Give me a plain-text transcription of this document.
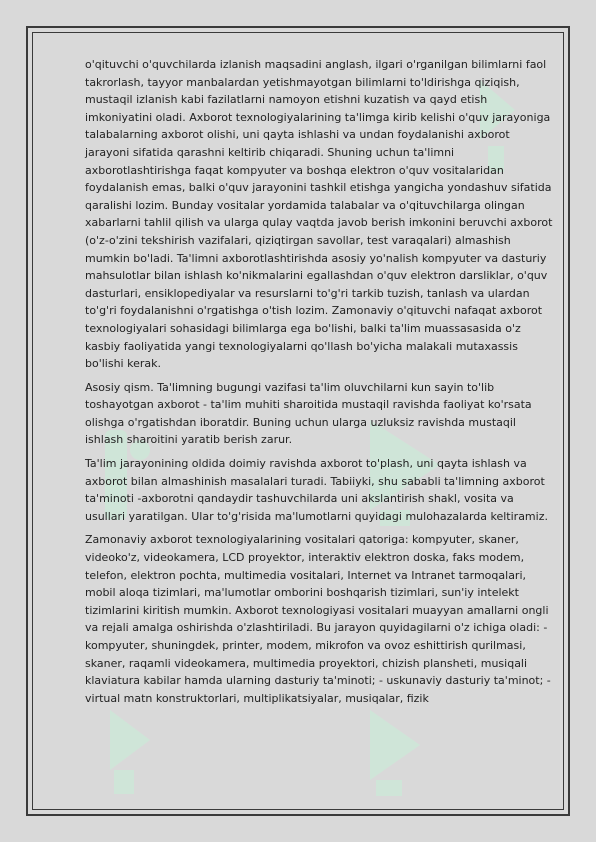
o'qituvchi o'quvchilarda izlanish maqsadini anglash, ilgari o'rganilgan bilimlarni faol takrorlash, tayyor manbalardan yetishmayotgan bilimlarni to'ldirishga qiziqish, mustaqil izlanish kabi fazilatlarni namoyon etishni kuzatish va qayd etish imkoniyatini oladi. Axborot texnologiyalarining ta'limga kirib kelishi o'quv jarayoniga talabalarning axborot olishi, uni qayta ishlashi va undan foydalanishi axborot jarayoni sifatida qarashni keltirib chiqaradi. Shuning uchun ta'limni axborotlashtirishga faqat kompyuter va boshqa elektron o'quv vositalaridan foydalanish emas, balki o'quv jarayonini tashkil etishga yangicha yondashuv sifatida qaralishi lozim. Bunday vositalar yordamida talabalar va o'qituvchilarga olingan xabarlarni tahlil qilish va ularga qulay vaqtda javob berish imkonini beruvchi axborot (o'z-o'zini tekshirish vazifalari, qiziqtirgan savollar, test varaqalari) almashish mumkin bo'ladi. Ta'limni axborotlashtirishda asosiy yo'nalish kompyuter va dasturiy mahsulotlar bilan ishlash ko'nikmalarini egallashdan o'quv elektron darsliklar, o'quv dasturlari, ensiklopediyalar va resurslarni to'g'ri tarkib tuzish, tanlash va ulardan to'g'ri foydalanishni o'rgatishga o'tish lozim. Zamonaviy o'qituvchi nafaqat axborot texnologiyalari sohasidagi bilimlarga ega bo'lishi, balki ta'lim muassasasida o'z kasbiy faoliyatida yangi texnologiyalarni qo'llash bo'yicha malakali mutaxassis bo'lishi kerak.

Asosiy qism. Ta'limning bugungi vazifasi ta'lim oluvchilarni kun sayin to'lib toshayotgan axborot - ta'lim muhiti sharoitida mustaqil ravishda faoliyat ko'rsata olishga o'rgatishdan iboratdir. Buning uchun ularga uzluksiz ravishda mustaqil ishlash sharoitini yaratib berish zarur.

Ta'lim jarayonining oldida doimiy ravishda axborot to'plash, uni qayta ishlash va axborot bilan almashinish masalalari turadi. Tabiiyki, shu sababli ta'limning axborot ta'minoti -axborotni qandaydir tashuvchilarda uni akslantirish shakl, vosita va usullari yaratilgan. Ular to'g'risida ma'lumotlarni quyidagi mulohazalarda keltiramiz.

Zamonaviy axborot texnologiyalarining vositalari qatoriga: kompyuter, skaner, videoko'z, videokamera, LCD proyektor, interaktiv elektron doska, faks modem, telefon, elektron pochta, multimedia vositalari, Internet va Intranet tarmoqalari, mobil aloqa tizimlari, ma'lumotlar omborini boshqarish tizimlari, sun'iy intelekt tizimlarini kiritish mumkin. Axborot texnologiyasi vositalari muayyan amallarni ongli va rejali amalga oshirishda o'zlashtiriladi. Bu jarayon quyidagilarni o'z ichiga oladi: - kompyuter, shuningdek, printer, modem, mikrofon va ovoz eshittirish qurilmasi, skaner, raqamli videokamera, multimedia proyektori, chizish plansheti, musiqali klaviatura kabilar hamda ularning dasturiy ta'minoti; - uskunaviy dasturiy ta'minot; -virtual matn konstruktorlari, multiplikatsiyalar, musiqalar, fizik
